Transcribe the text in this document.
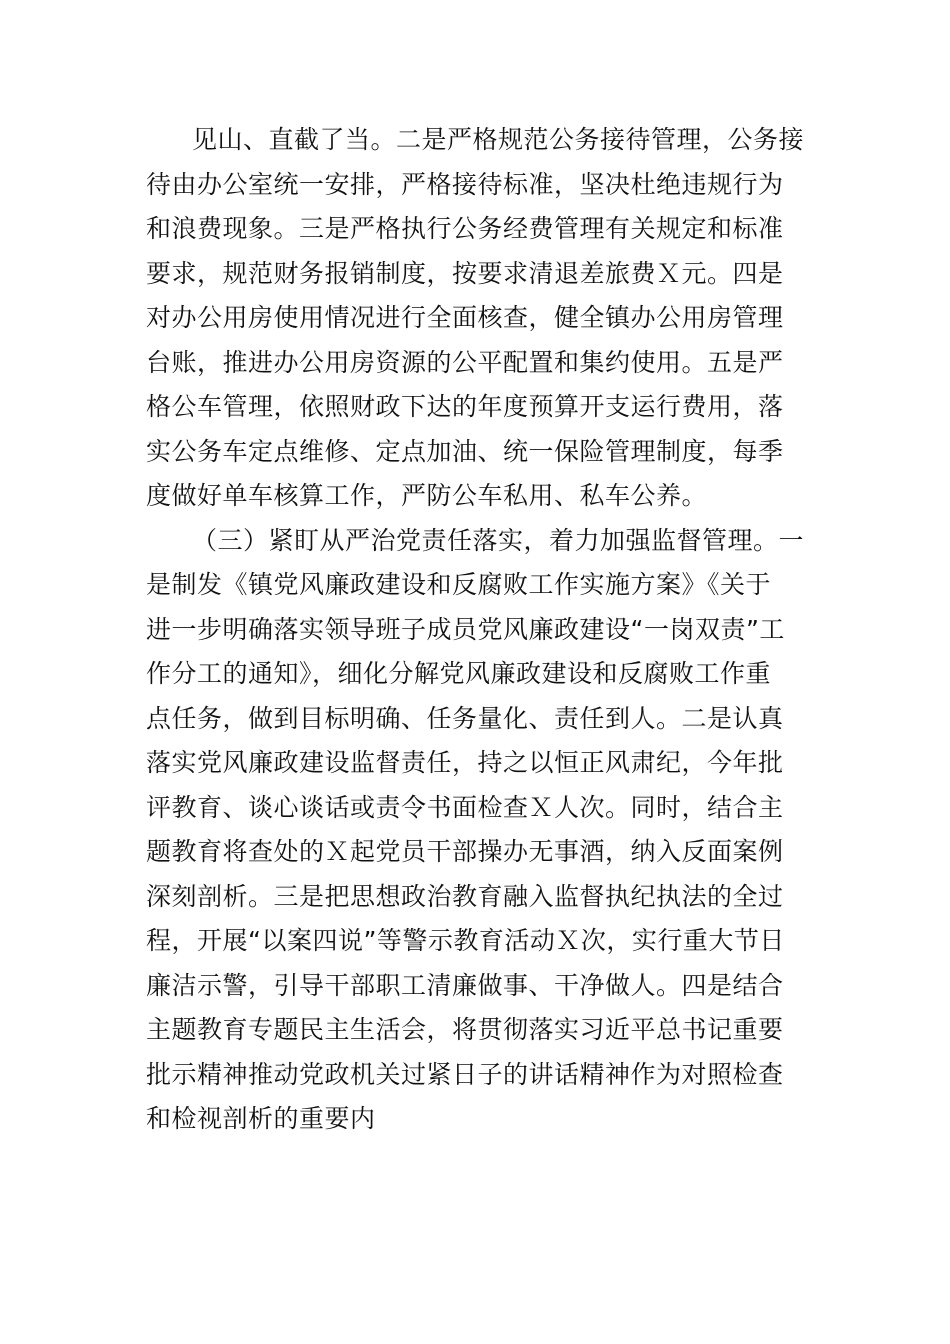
见山、直截了当。二是严格规范公务接待管理，公务接
待由办公室统一安排，严格接待标准，坚决杜绝违规行为
和浪费现象。三是严格执行公务经费管理有关规定和标准
要求，规范财务报销制度，按要求清退差旅费Ｘ元。四是
对办公用房使用情况进行全面核查，健全镇办公用房管理
台账，推进办公用房资源的公平配置和集约使用。五是严
格公车管理，依照财政下达的年度预算开支运行费用，落
实公务车定点维修、定点加油、统一保险管理制度，每季
度做好单车核算工作，严防公车私用、私车公养。
（三）紧盯从严治党责任落实，着力加强监督管理。一
是制发《镇党风廉政建设和反腐败工作实施方案》《关于
进一步明确落实领导班子成员党风廉政建设“一岗双责”工
作分工的通知》，细化分解党风廉政建设和反腐败工作重
点任务，做到目标明确、任务量化、责任到人。二是认真
落实党风廉政建设监督责任，持之以恒正风肃纪，今年批
评教育、谈心谈话或责令书面检查Ｘ人次。同时，结合主
题教育将查处的Ｘ起党员干部操办无事酒，纳入反面案例
深刻剖析。三是把思想政治教育融入监督执纪执法的全过
程，开展“以案四说”等警示教育活动Ｘ次，实行重大节日
廉洁示警，引导干部职工清廉做事、干净做人。四是结合
主题教育专题民主生活会，将贯彻落实习近平总书记重要
批示精神推动党政机关过紧日子的讲话精神作为对照检查
和检视剖析的重要内
